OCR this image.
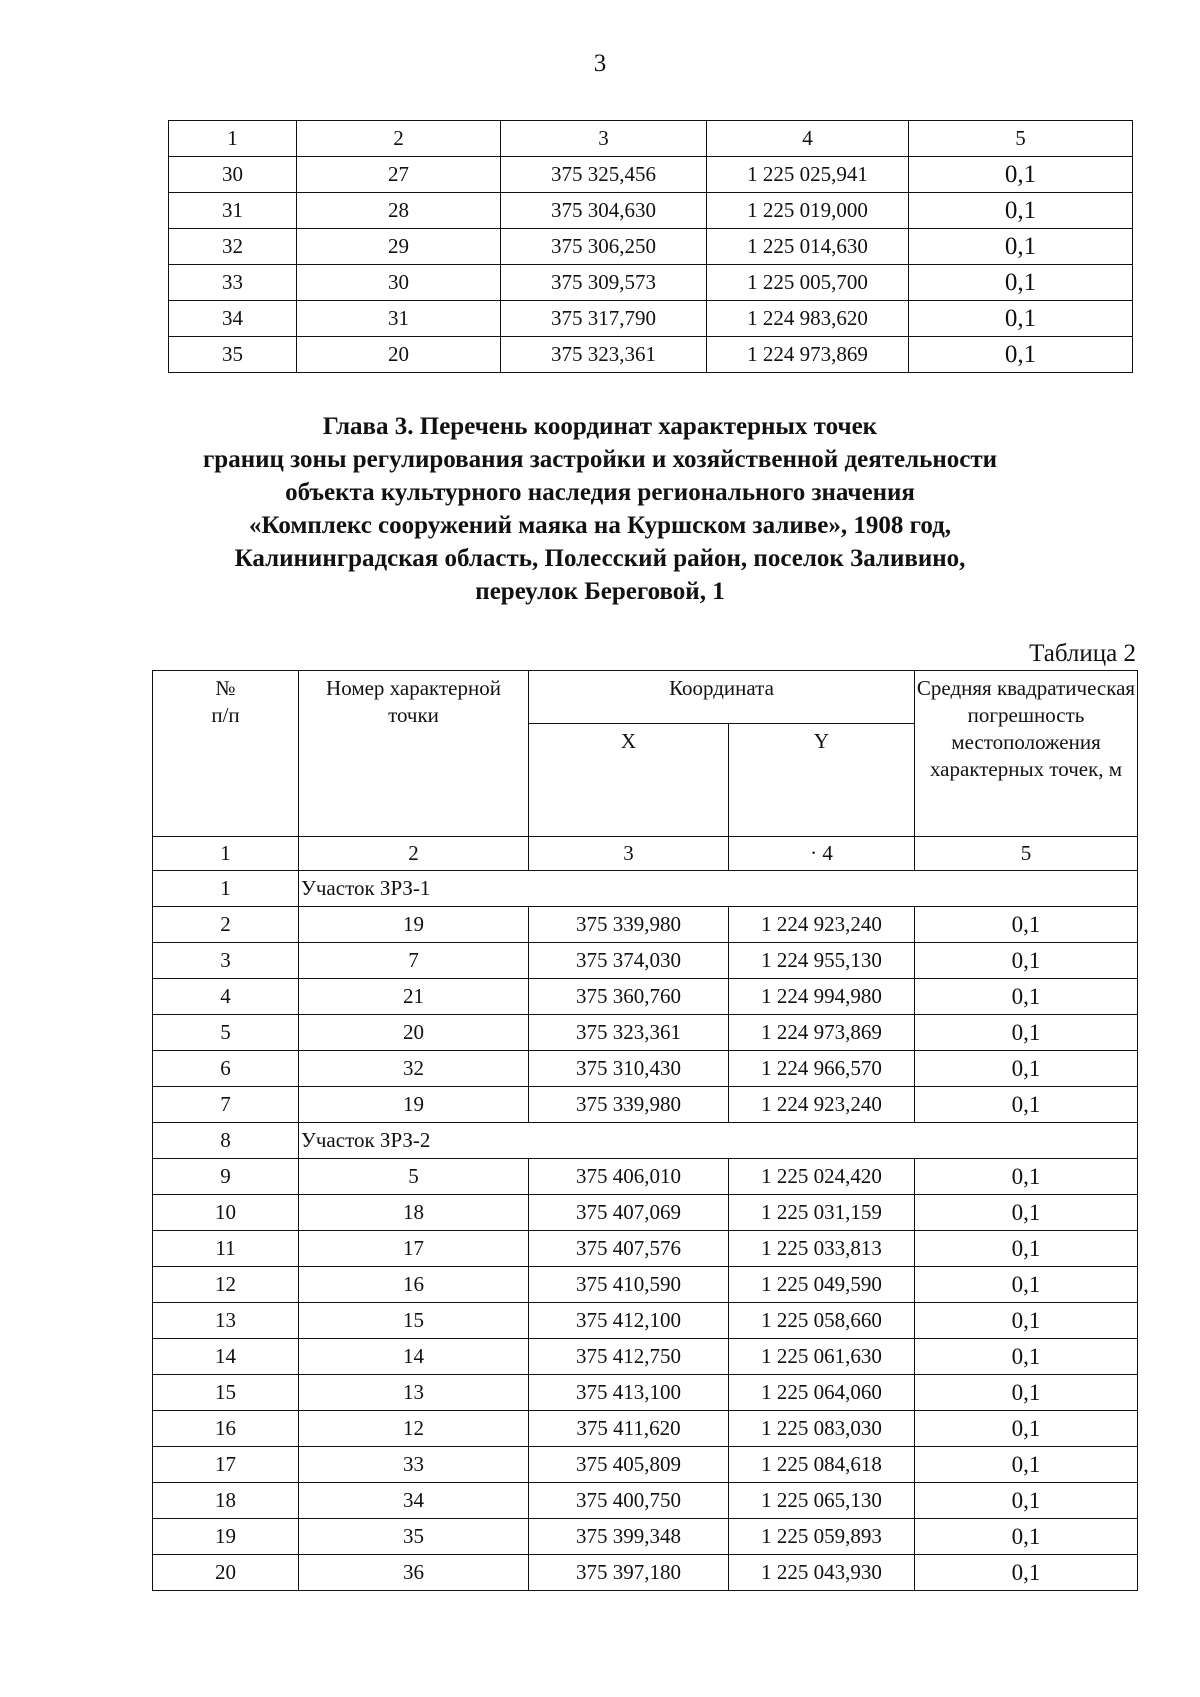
3
1	2	3	4	5
30	27	375 325,456	1 225 025,941	0,1
31	28	375 304,630	1 225 019,000	0,1
32	29	375 306,250	1 225 014,630	0,1
33	30	375 309,573	1 225 005,700	0,1
34	31	375 317,790	1 224 983,620	0,1
35	20	375 323,361	1 224 973,869	0,1
Глава 3. Перечень координат характерных точек
границ зоны регулирования застройки и хозяйственной деятельности
объекта культурного наследия регионального значения
«Комплекс сооружений маяка на Куршском заливе», 1908 год,
Калининградская область, Полесский район, поселок Заливино,
переулок Береговой, 1
Таблица 2
№
п/п	Номер характерной точки	Координата		Средняя квадратическая погрешность местоположения характерных точек, м
		X	Y	
1	2	3	· 4	5
1	Участок ЗРЗ-1			
2	19	375 339,980	1 224 923,240	0,1
3	7	375 374,030	1 224 955,130	0,1
4	21	375 360,760	1 224 994,980	0,1
5	20	375 323,361	1 224 973,869	0,1
6	32	375 310,430	1 224 966,570	0,1
7	19	375 339,980	1 224 923,240	0,1
8	Участок ЗРЗ-2			
9	5	375 406,010	1 225 024,420	0,1
10	18	375 407,069	1 225 031,159	0,1
11	17	375 407,576	1 225 033,813	0,1
12	16	375 410,590	1 225 049,590	0,1
13	15	375 412,100	1 225 058,660	0,1
14	14	375 412,750	1 225 061,630	0,1
15	13	375 413,100	1 225 064,060	0,1
16	12	375 411,620	1 225 083,030	0,1
17	33	375 405,809	1 225 084,618	0,1
18	34	375 400,750	1 225 065,130	0,1
19	35	375 399,348	1 225 059,893	0,1
20	36	375 397,180	1 225 043,930	0,1
